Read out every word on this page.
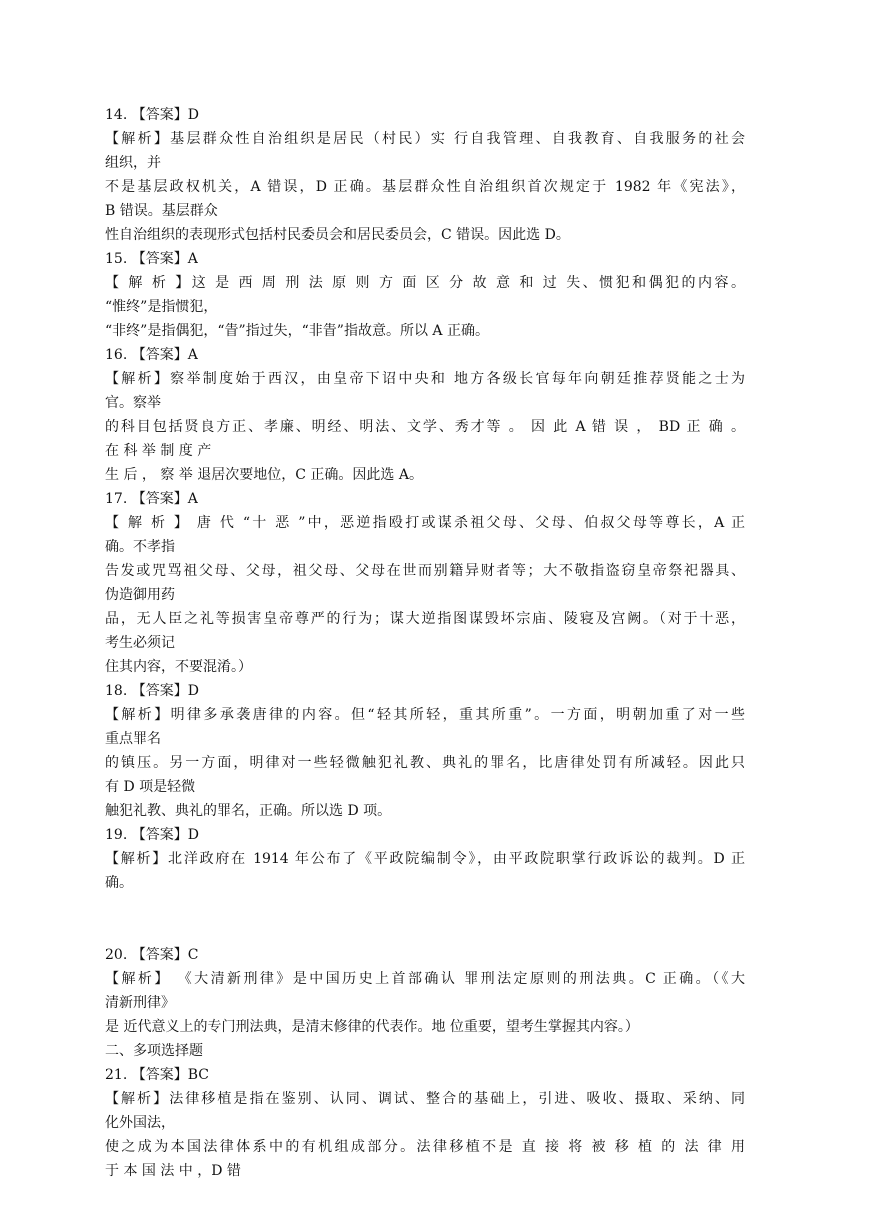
14. 【答案】D
【解析】基层群众性自治组织是居民（村民）实 行自我管理、自我教育、自我服务的社会
组织，并
不是基层政权机关，A 错误，D 正确。基层群众性自治组织首次规定于 1982 年《宪法》，
B 错误。基层群众
性自治组织的表现形式包括村民委员会和居民委员会，C 错误。因此选 D。
15. 【答案】A
【 解 析 】这 是 西 周 刑 法 原 则 方 面 区 分 故 意 和 过 失、惯犯和偶犯的内容。
“惟终”是指惯犯，
“非终”是指偶犯，“眚”指过失，“非眚”指故意。所以 A 正确。
16. 【答案】A
【解析】察举制度始于西汉，由皇帝下诏中央和 地方各级长官每年向朝廷推荐贤能之士为
官。察举
的科目包括贤良方正、孝廉、明经、明法、文学、秀才等 。 因 此 A 错 误 ， BD 正 确 。
在 科 举 制 度 产
生 后 ， 察 举 退居次要地位，C 正确。因此选 A。
17. 【答案】A
【 解 析 】 唐 代 “十 恶 ”中，恶逆指殴打或谋杀祖父母、父母、伯叔父母等尊长，A 正
确。不孝指
告发或咒骂祖父母、父母，祖父母、父母在世而别籍异财者等；大不敬指盗窃皇帝祭祀器具、
伪造御用药
品，无人臣之礼等损害皇帝尊严的行为；谋大逆指图谋毁坏宗庙、陵寝及宫阙。（对于十恶，
考生必须记
住其内容，不要混淆。）
18. 【答案】D
【解析】明律多承袭唐律的内容。但“轻其所轻，重其所重”。一方面，明朝加重了对一些
重点罪名
的镇压。另一方面，明律对一些轻微触犯礼教、典礼的罪名，比唐律处罚有所减轻。因此只
有 D 项是轻微
触犯礼教、典礼的罪名，正确。所以选 D 项。
19. 【答案】D
【解析】北洋政府在 1914 年公布了《平政院编制令》，由平政院职掌行政诉讼的裁判。D 正
确。
20. 【答案】C
【解析】 《大清新刑律》是中国历史上首部确认 罪刑法定原则的刑法典。C 正确。（《大
清新刑律》
是 近代意义上的专门刑法典，是清末修律的代表作。地 位重要，望考生掌握其内容。）
二、多项选择题
21. 【答案】BC
【解析】法律移植是指在鉴别、认同、调试、整合的基础上，引进、吸收、摄取、采纳、同
化外国法，
使之成为本国法律体系中的有机组成部分。法律移植不是 直 接 将 被 移 植 的 法 律 用
于 本 国 法 中 ，D 错
